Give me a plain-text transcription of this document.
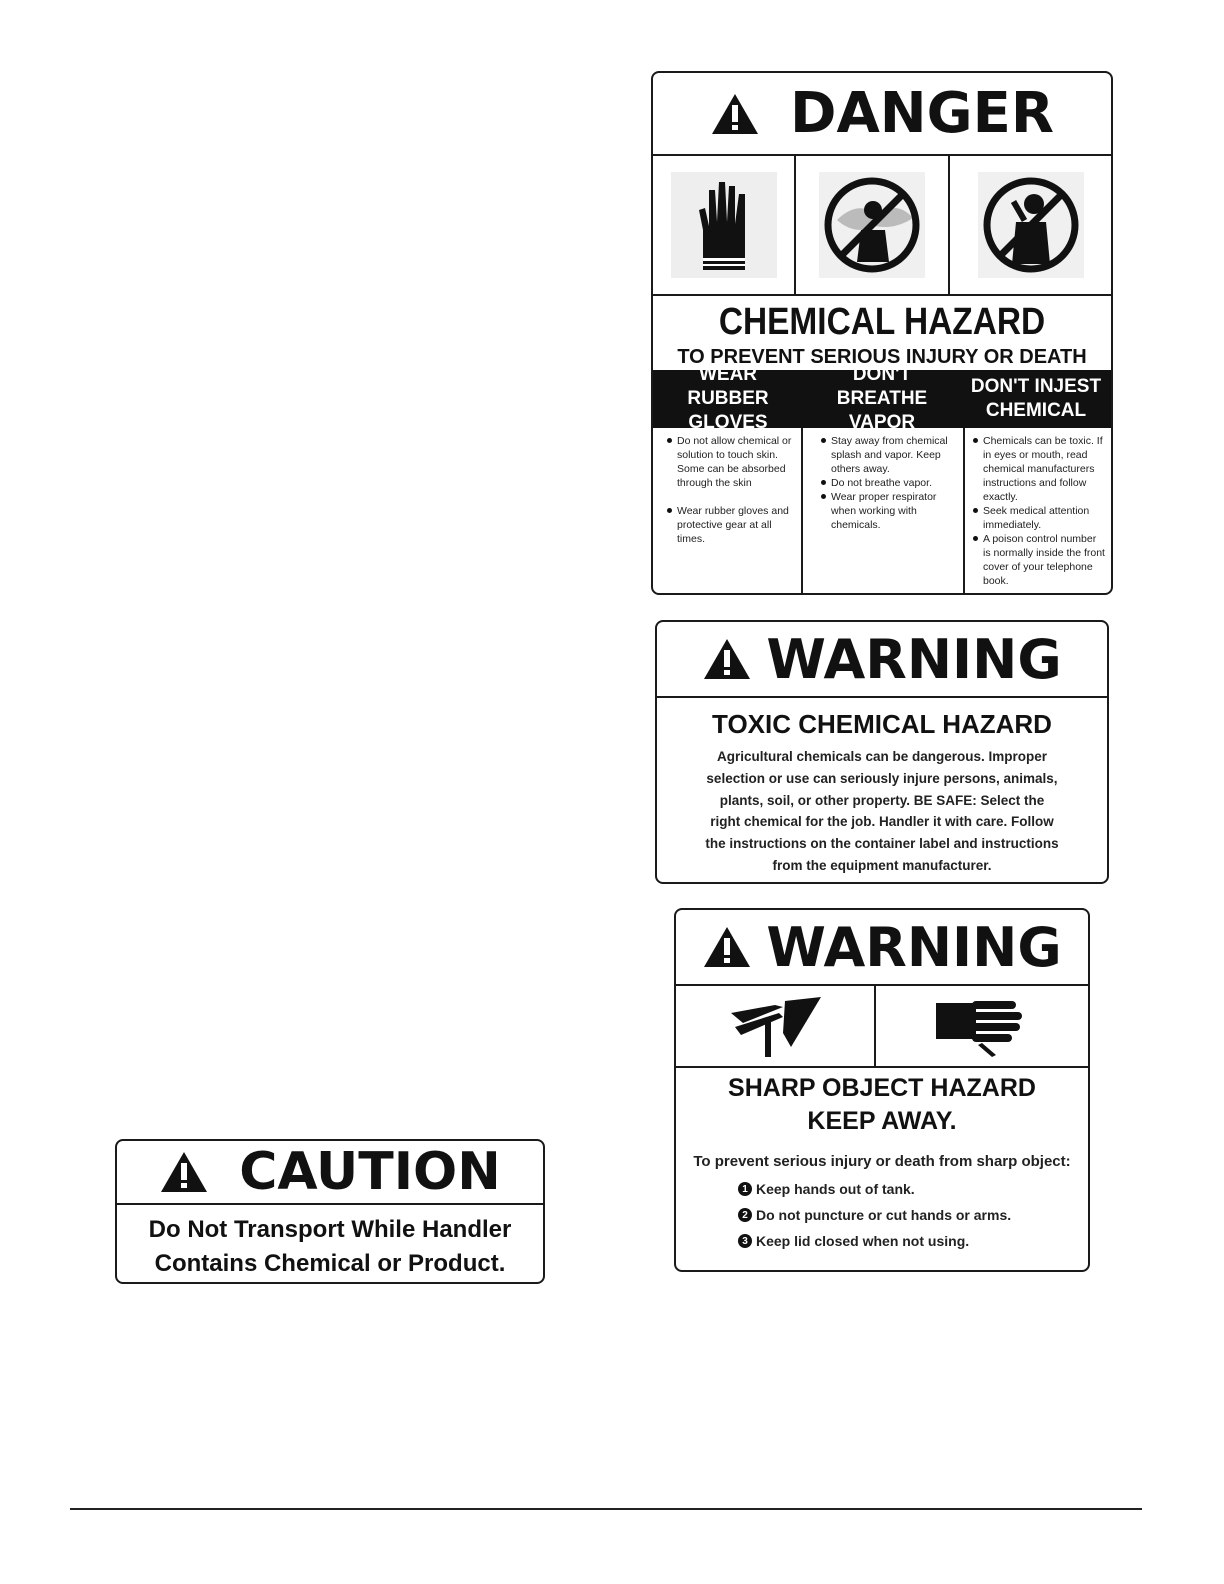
DANGER
CHEMICAL HAZARD
TO PREVENT SERIOUS INJURY OR DEATH
WEAR RUBBER GLOVES
DON'T BREATHE VAPOR
DON'T INJEST CHEMICAL
Do not allow chemical or solution to touch skin. Some can be absorbed through the skin
Wear rubber gloves and protective gear at all times.
Stay away from chemical splash and vapor. Keep others away.
Do not breathe vapor.
Wear proper respirator when working with chemicals.
Chemicals can be toxic. If in eyes or mouth, read chemical manufacturers instructions and follow exactly.
Seek medical attention immediately.
A poison control number is normally inside the front cover of your telephone book.
WARNING
TOXIC CHEMICAL HAZARD
Agricultural chemicals can be dangerous. Improper
selection or use can seriously injure persons, animals,
plants, soil, or other property. BE SAFE: Select the
right chemical for the job. Handler it with care. Follow
the instructions on the container label and instructions
from the equipment manufacturer.
WARNING
SHARP OBJECT HAZARD
KEEP AWAY.
To prevent serious injury or death from sharp object:
1 Keep hands out of tank.
2 Do not puncture or cut hands or arms.
3 Keep lid closed when not using.
CAUTION
Do Not Transport While Handler
Contains Chemical or Product.
